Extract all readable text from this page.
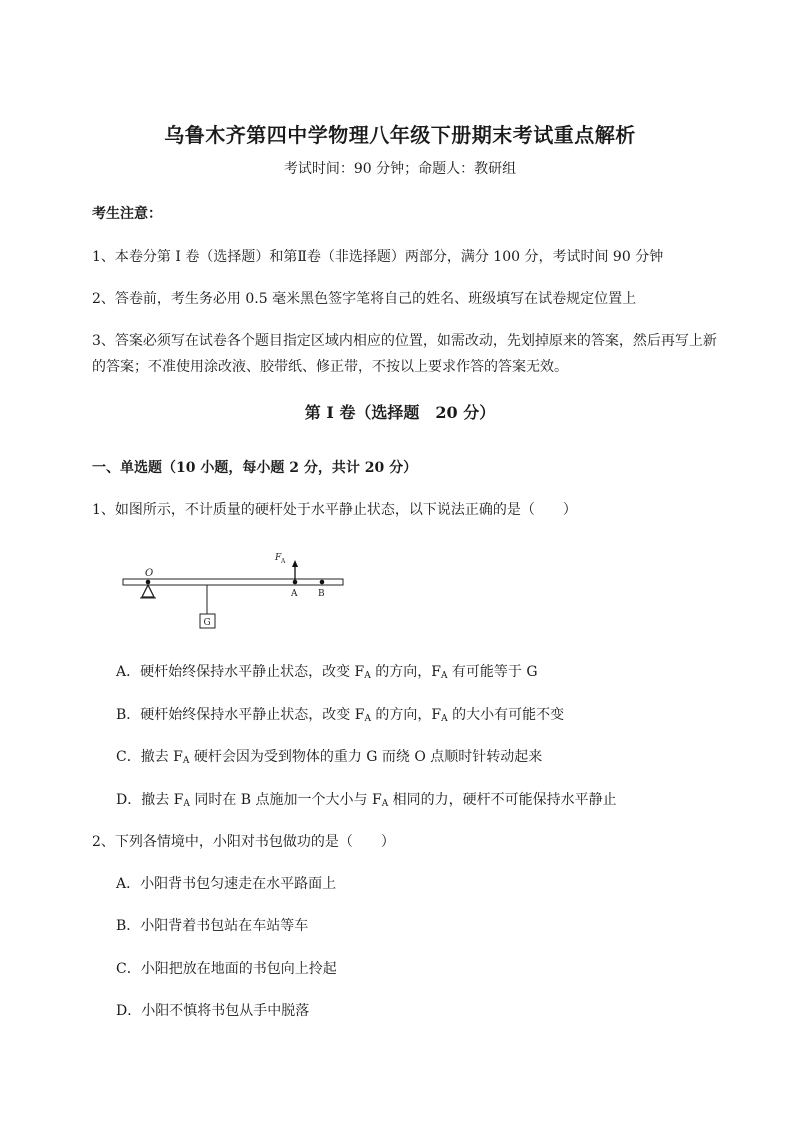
乌鲁木齐第四中学物理八年级下册期末考试重点解析
考试时间：90 分钟；命题人：教研组
考生注意：
1、本卷分第 I 卷（选择题）和第Ⅱ卷（非选择题）两部分，满分 100 分，考试时间 90 分钟
2、答卷前，考生务必用 0.5 毫米黑色签字笔将自己的姓名、班级填写在试卷规定位置上
3、答案必须写在试卷各个题目指定区域内相应的位置，如需改动，先划掉原来的答案，然后再写上新
的答案；不准使用涂改液、胶带纸、修正带，不按以上要求作答的答案无效。
第 I 卷（选择题　20 分）
一、单选题（10 小题，每小题 2 分，共计 20 分）
1、如图所示，不计质量的硬杆处于水平静止状态，以下说法正确的是（　　）
O
G
F A
A B
A．硬杆始终保持水平静止状态，改变 $F_A$ 的方向，$F_A$ 有可能等于 G
B．硬杆始终保持水平静止状态，改变 $F_A$ 的方向，$F_A$ 的大小有可能不变
C．撤去 $F_A$ 硬杆会因为受到物体的重力 G 而绕 O 点顺时针转动起来
D．撤去 $F_A$ 同时在 B 点施加一个大小与 $F_A$ 相同的力，硬杆不可能保持水平静止
2、下列各情境中，小阳对书包做功的是（　　）
A．小阳背书包匀速走在水平路面上
B．小阳背着书包站在车站等车
C．小阳把放在地面的书包向上拎起
D．小阳不慎将书包从手中脱落
